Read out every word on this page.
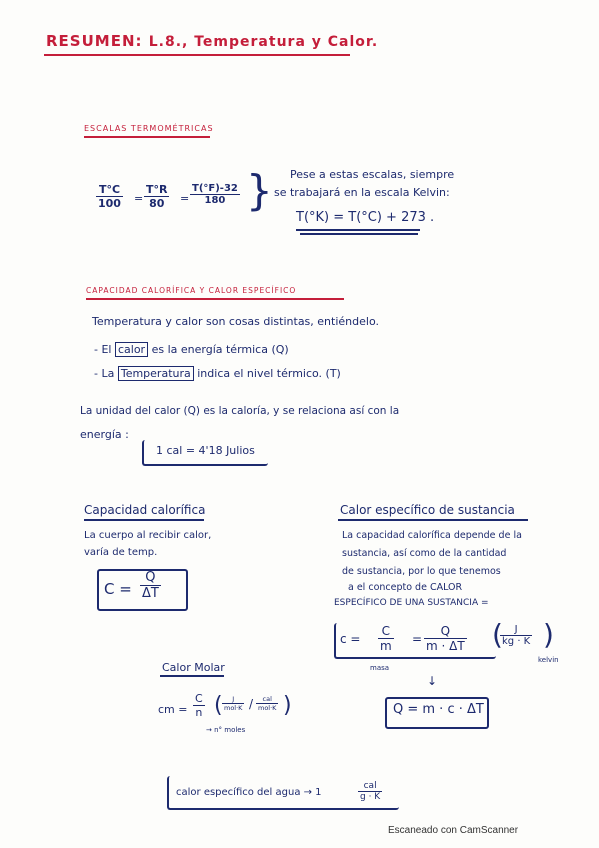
RESUMEN: L.8., Temperatura y Calor.
ESCALAS TERMOMÉTRICAS
$\frac{T^\circ C}{100} = \frac{T^\circ R}{80} = \frac{T(^\circ F)-32}{180}$ } Pese a estas escalas, siempre
se trabajará en la escala Kelvin:
T(°K) = T(°C) + 273 .
CAPACIDAD CALORÍFICA Y CALOR ESPECÍFICO
Temperatura y calor son cosas distintas, entiéndelo.
- El calor es la energía térmica (Q)
- La Temperatura indica el nivel térmico. (T)
La unidad del calor (Q) es la caloría, y se relaciona así con la
energía :
1 cal = 4'18 Julios
Capacidad calorífica
La cuerpo al recibir calor,
varía de temp.
$C = \frac{Q}{\Delta T}$
Calor específico de sustancia
La capacidad calorífica depende de la
sustancia, así como de la cantidad
de sustancia, por lo que tenemos
a el concepto de CALOR
ESPECÍFICO DE UNA SUSTANCIA =
$c = \frac{C}{m} = \frac{Q}{m \cdot \Delta T}$ (
$\frac{J}{kg \cdot K}$ )
masa
kelvin
↓
Q = m · c · ΔT
Calor Molar
cm = $\frac{C}{n}$ (	J
mol·K /	cal
mol·K )
→ n° moles
calor específico del agua → 1
cal
g · K
Escaneado con CamScanner
